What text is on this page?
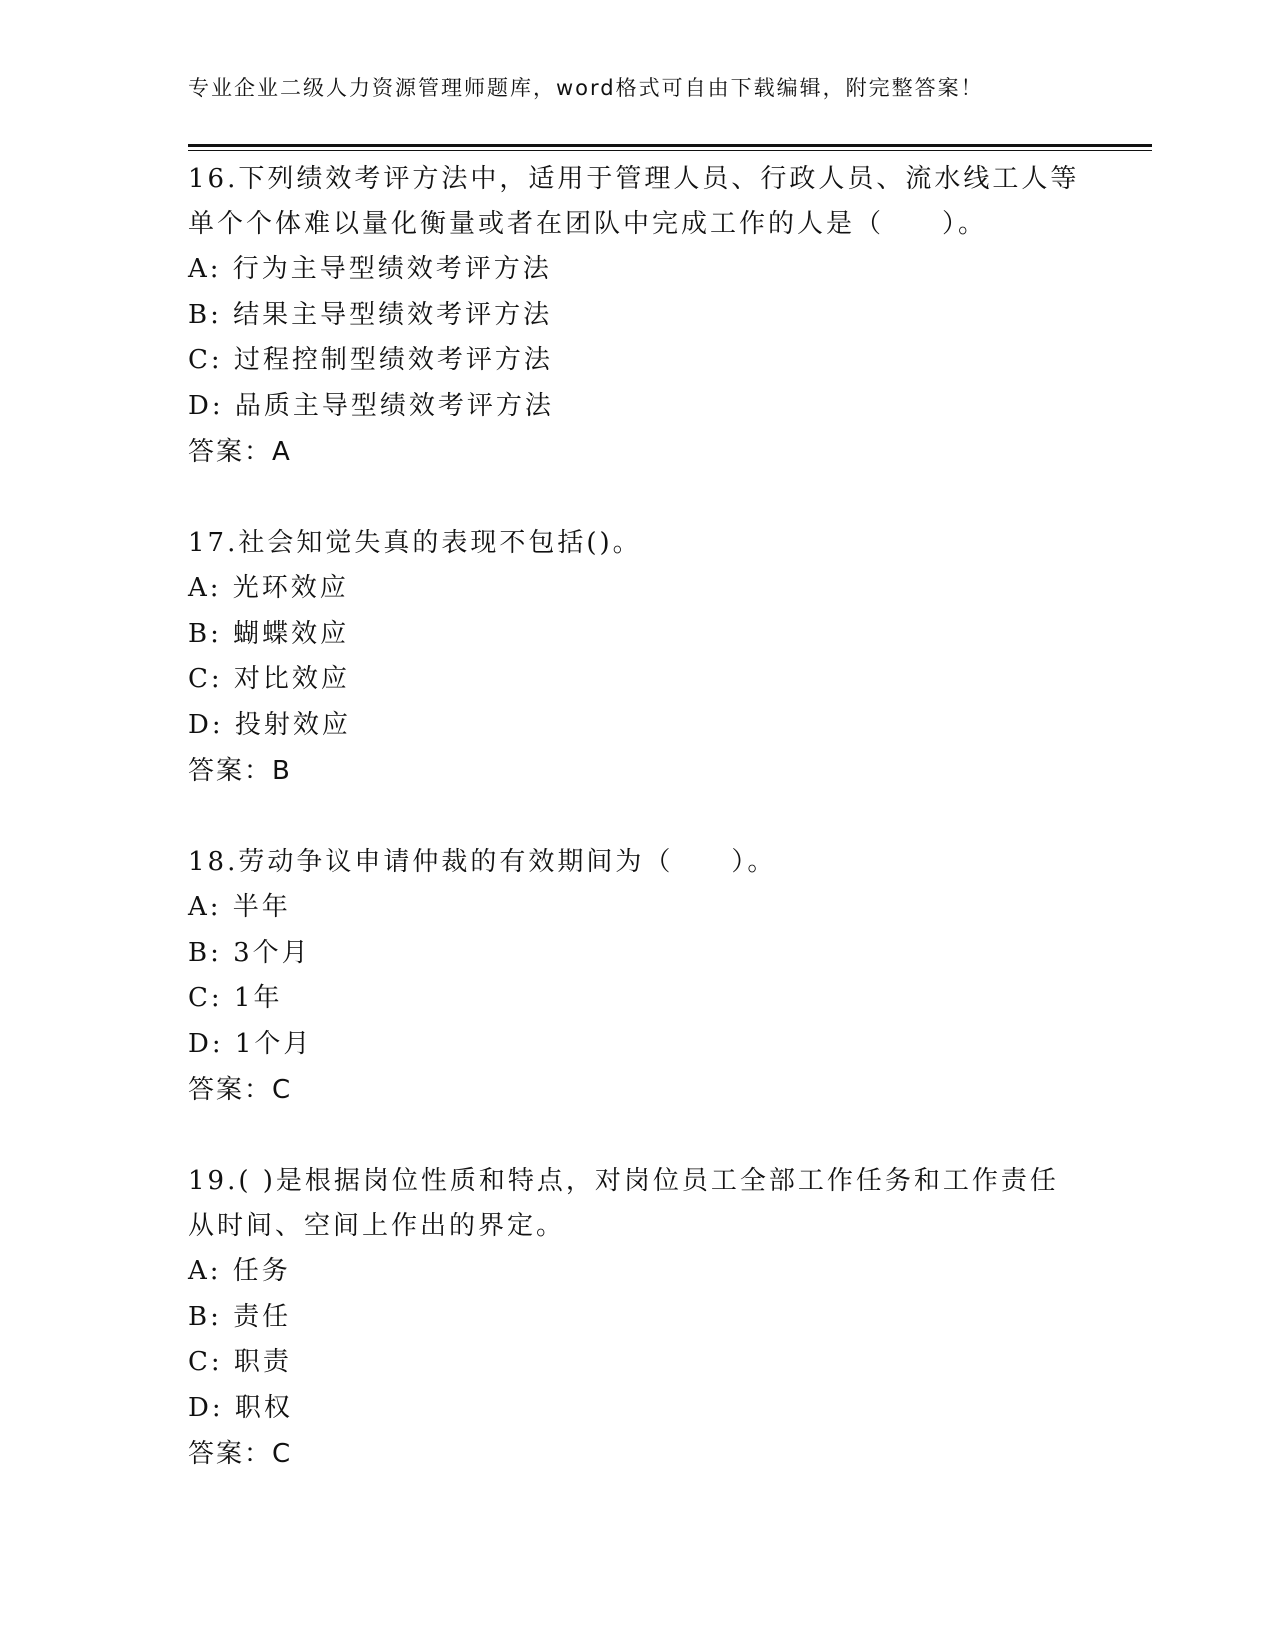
专业企业二级人力资源管理师题库，word格式可自由下载编辑，附完整答案！
16.下列绩效考评方法中，适用于管理人员、行政人员、流水线工人等
单个个体难以量化衡量或者在团队中完成工作的人是（　　）。
A: 行为主导型绩效考评方法
B: 结果主导型绩效考评方法
C: 过程控制型绩效考评方法
D: 品质主导型绩效考评方法
答案：A
17.社会知觉失真的表现不包括()。
A: 光环效应
B: 蝴蝶效应
C: 对比效应
D: 投射效应
答案：B
18.劳动争议申请仲裁的有效期间为（　　）。
A: 半年
B: 3个月
C: 1年
D: 1个月
答案：C
19.( )是根据岗位性质和特点，对岗位员工全部工作任务和工作责任
从时间、空间上作出的界定。
A: 任务
B: 责任
C: 职责
D: 职权
答案：C
